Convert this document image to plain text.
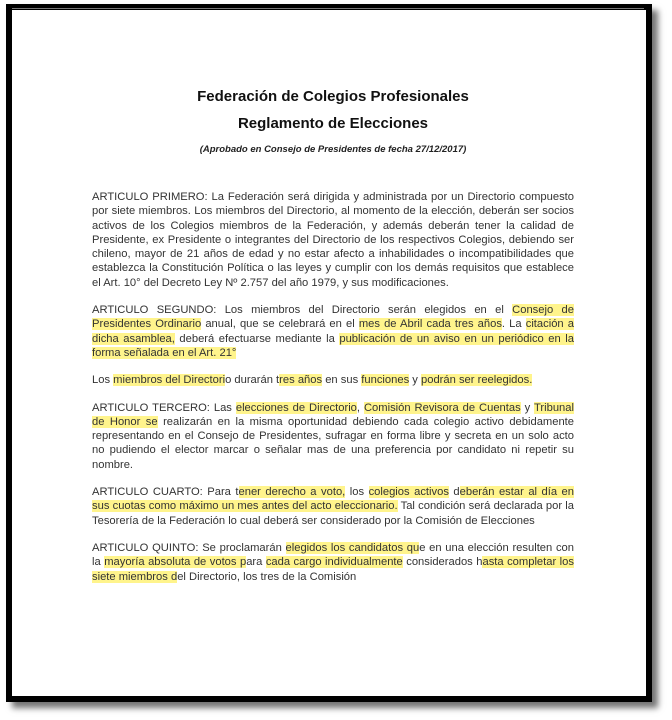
Federación de Colegios Profesionales

Reglamento de Elecciones

(Aprobado en Consejo de Presidentes de fecha 27/12/2017)

ARTICULO PRIMERO: La Federación será dirigida y administrada por un Directorio compuesto por siete miembros. Los miembros del Directorio, al momento de la elección, deberán ser socios activos de los Colegios miembros de la Federación, y además deberán tener la calidad de Presidente, ex Presidente o integrantes del Directorio de los respectivos Colegios, debiendo ser chileno, mayor de 21 años de edad y no estar afecto a inhabilidades o incompatibilidades que establezca la Constitución Política o las leyes y cumplir con los demás requisitos que establece el Art. 10° del Decreto Ley Nº 2.757 del año 1979, y sus modificaciones.

ARTICULO SEGUNDO: Los miembros del Directorio serán elegidos en el Consejo de Presidentes Ordinario anual, que se celebrará en el mes de Abril cada tres años. La citación a dicha asamblea, deberá efectuarse mediante la publicación de un aviso en un periódico en la forma señalada en el Art. 21°

Los miembros del Directorio durarán tres años en sus funciones y podrán ser reelegidos.

ARTICULO TERCERO: Las elecciones de Directorio, Comisión Revisora de Cuentas y Tribunal de Honor se realizarán en la misma oportunidad debiendo cada colegio activo debidamente representando en el Consejo de Presidentes, sufragar en forma libre y secreta en un solo acto no pudiendo el elector marcar o señalar mas de una preferencia por candidato ni repetir su nombre.

ARTICULO CUARTO: Para tener derecho a voto, los colegios activos deberán estar al día en sus cuotas como máximo un mes antes del acto eleccionario. Tal condición será declarada por la Tesorería de la Federación lo cual deberá ser considerado por la Comisión de Elecciones

ARTICULO QUINTO: Se proclamarán elegidos los candidatos que en una elección resulten con la mayoría absoluta de votos para cada cargo individualmente considerados hasta completar los siete miembros del Directorio, los tres de la Comisión
